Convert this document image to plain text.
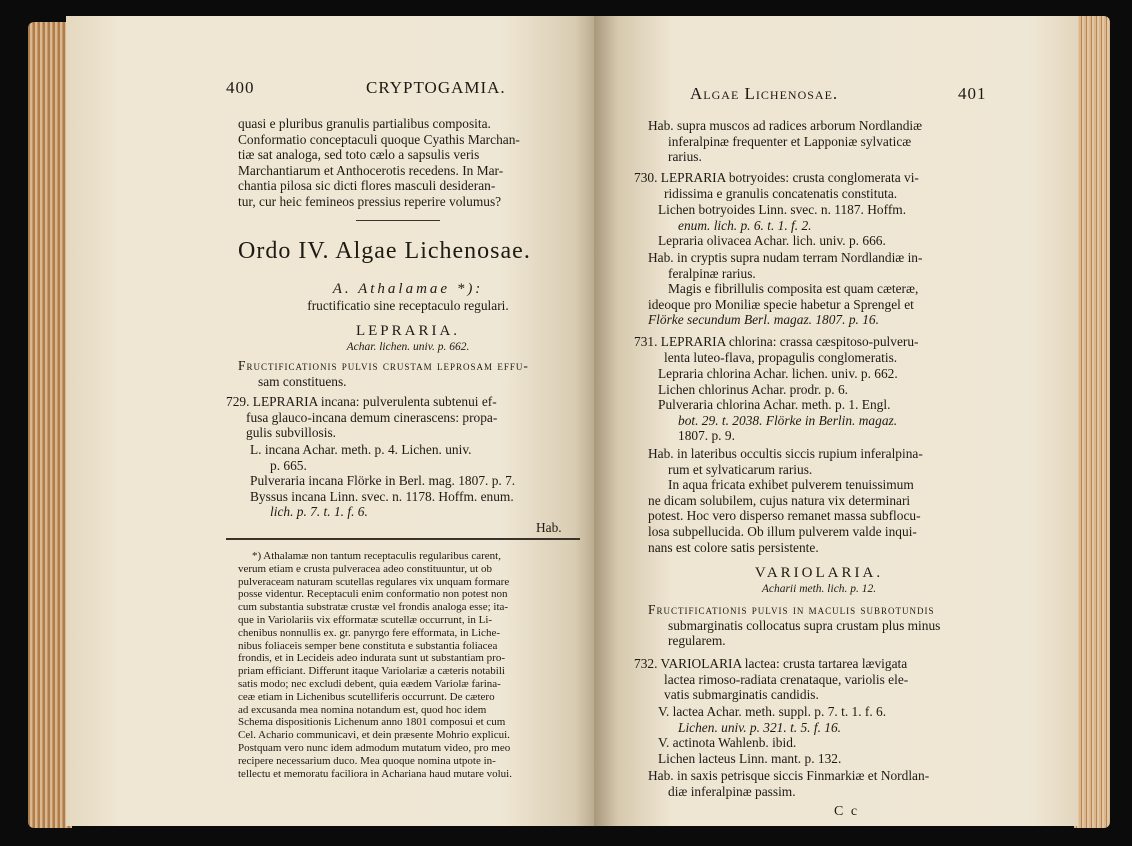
400	CRYPTOGAMIA.

quasi e pluribus granulis partialibus composita.

Conformatio conceptaculi quoque Cyathis Marchan-

tiæ sat analoga, sed toto cælo a sapsulis veris

Marchantiarum et Anthocerotis recedens. In Mar-

chantia pilosa sic dicti flores masculi desideran-

tur, cur heic femineos pressius reperire volumus?

Ordo IV. Algae Lichenosae.

A. Athalamae *):

fructificatio sine receptaculo regulari.

LEPRARIA.

Achar. lichen. univ. p. 662.

Fructificationis pulvis crustam leprosam effu-

sam constituens.

729. LEPRARIA incana: pulverulenta subtenui ef-

fusa glauco-incana demum cinerascens: propa-

gulis subvillosis.

L. incana Achar. meth. p. 4. Lichen. univ.

p. 665.

Pulveraria incana Flörke in Berl. mag. 1807. p. 7.

Byssus incana Linn. svec. n. 1178. Hoffm. enum.

lich. p. 7. t. 1. f. 6.

Hab.

*) Athalamæ non tantum receptaculis regularibus carent,

verum etiam e crusta pulveracea adeo constituuntur, ut ob

pulveraceam naturam scutellas regulares vix unquam formare

posse videntur. Receptaculi enim conformatio non potest non

cum substantia substratæ crustæ vel frondis analoga esse; ita-

que in Variolariis vix efformatæ scutellæ occurrunt, in Li-

chenibus nonnullis ex. gr. panyrgo fere efformata, in Liche-

nibus foliaceis semper bene constituta e substantia foliacea

frondis, et in Lecideis adeo indurata sunt ut substantiam pro-

priam efficiant. Differunt itaque Variolariæ a cæteris notabili

satis modo; nec excludi debent, quia eædem Variolæ farina-

ceæ etiam in Lichenibus scutelliferis occurrunt. De cætero

ad excusanda mea nomina notandum est, quod hoc idem

Schema dispositionis Lichenum anno 1801 composui et cum

Cel. Achario communicavi, et dein præsente Mohrio explicui.

Postquam vero nunc idem admodum mutatum video, pro meo

recipere necessarium duco. Mea quoque nomina utpote in-

tellectu et memoratu faciliora in Achariana haud mutare volui.

Algae Lichenosae.	401

Hab. supra muscos ad radices arborum Nordlandiæ

inferalpinæ frequenter et Lapponiæ sylvaticæ

rarius.

730. LEPRARIA botryoides: crusta conglomerata vi-

ridissima e granulis concatenatis constituta.

Lichen botryoides Linn. svec. n. 1187. Hoffm.

enum. lich. p. 6. t. 1. f. 2.

Lepraria olivacea Achar. lich. univ. p. 666.

Hab. in cryptis supra nudam terram Nordlandiæ in-

feralpinæ rarius.

Magis e fibrillulis composita est quam cæteræ,

ideoque pro Moniliæ specie habetur a Sprengel et

Flörke secundum Berl. magaz. 1807. p. 16.

731. LEPRARIA chlorina: crassa cæspitoso-pulveru-

lenta luteo-flava, propagulis conglomeratis.

Lepraria chlorina Achar. lichen. univ. p. 662.

Lichen chlorinus Achar. prodr. p. 6.

Pulveraria chlorina Achar. meth. p. 1. Engl.

bot. 29. t. 2038. Flörke in Berlin. magaz.

1807. p. 9.

Hab. in lateribus occultis siccis rupium inferalpina-

rum et sylvaticarum rarius.

In aqua fricata exhibet pulverem tenuissimum

ne dicam solubilem, cujus natura vix determinari

potest. Hoc vero disperso remanet massa subflocu-

losa subpellucida. Ob illum pulverem valde inqui-

nans est colore satis persistente.

VARIOLARIA.

Acharii meth. lich. p. 12.

Fructificationis pulvis in maculis subrotundis

submarginatis collocatus supra crustam plus minus

regularem.

732. VARIOLARIA lactea: crusta tartarea lævigata

lactea rimoso-radiata crenataque, variolis ele-

vatis submarginatis candidis.

V. lactea Achar. meth. suppl. p. 7. t. 1. f. 6.

Lichen. univ. p. 321. t. 5. f. 16.

V. actinota Wahlenb. ibid.

Lichen lacteus Linn. mant. p. 132.

Hab. in saxis petrisque siccis Finmarkiæ et Nordlan-

diæ inferalpinæ passim.

C c
